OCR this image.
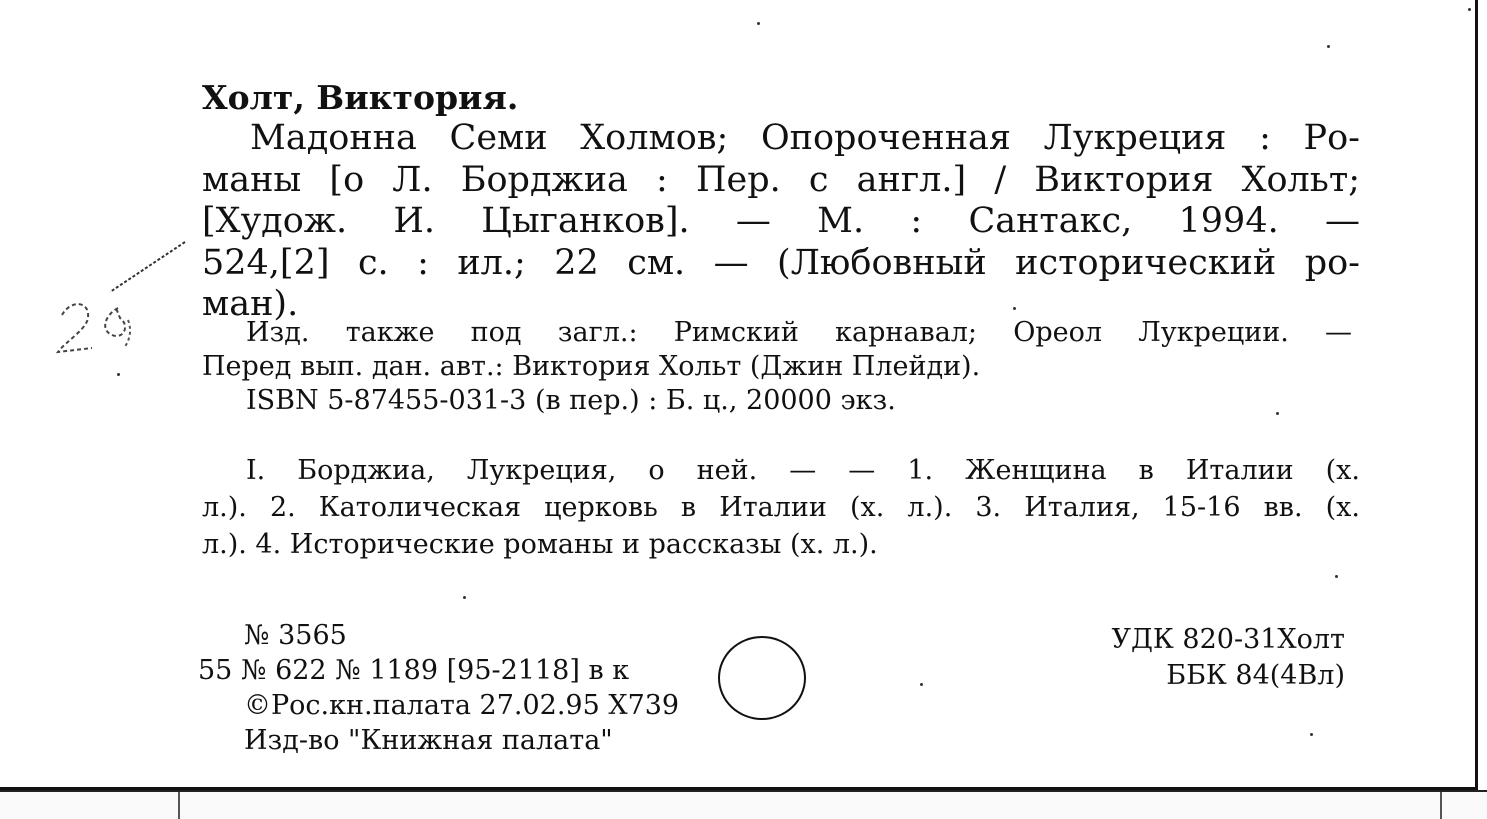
Холт, Виктория.
Мадонна Семи Холмов; Опороченная Лукреция : Ро-
маны [о Л. Борджиа : Пер. с англ.] / Виктория Хольт;
[Худож. И. Цыганков]. — М. : Сантакс, 1994. —
524,[2] с. : ил.; 22 см. — (Любовный исторический ро-
ман).
Изд. также под загл.: Римский карнавал; Ореол Лукреции. —
Перед вып. дан. авт.: Виктория Хольт (Джин Плейди).
ISBN 5-87455-031-3 (в пер.) : Б. ц., 20000 экз.
I. Борджиа, Лукреция, о ней. — — 1. Женщина в Италии (х.
л.). 2. Католическая церковь в Италии (х. л.). 3. Италия, 15-16 вв. (х.
л.). 4. Исторические романы и рассказы (х. л.).
№ 3565
55 № 622 № 1189 [95-2118] в к
©Рос.кн.палата 27.02.95 Х739
Изд-во "Книжная палата"
УДК 820-31Холт
ББК 84(4Вл)
